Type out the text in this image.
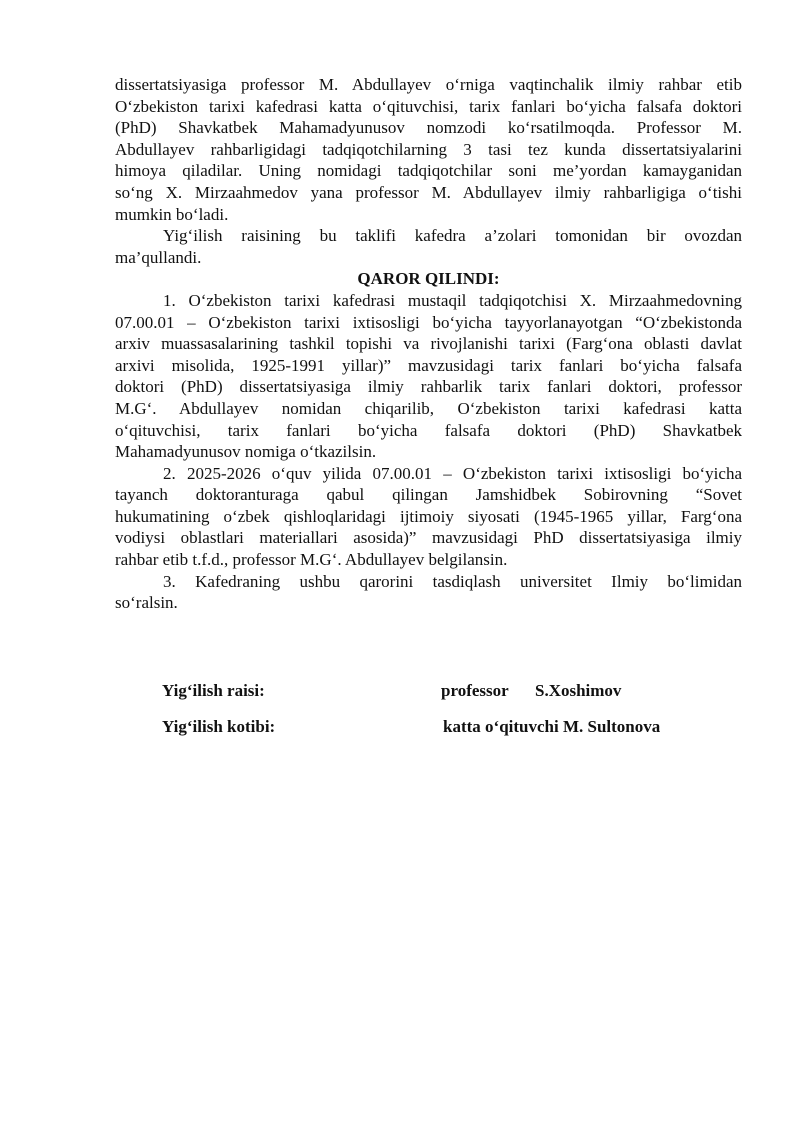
dissertatsiyasiga professor M. Abdullayev o‘rniga vaqtinchalik ilmiy rahbar etib
O‘zbekiston tarixi kafedrasi katta o‘qituvchisi, tarix fanlari bo‘yicha falsafa doktori
(PhD) Shavkatbek Mahamadyunusov nomzodi ko‘rsatilmoqda. Professor M.
Abdullayev rahbarligidagi tadqiqotchilarning 3 tasi tez kunda dissertatsiyalarini
himoya qiladilar. Uning nomidagi tadqiqotchilar soni me’yordan kamayganidan
so‘ng X. Mirzaahmedov yana professor M. Abdullayev ilmiy rahbarligiga o‘tishi
mumkin bo‘ladi.
Yig‘ilish raisining bu taklifi kafedra a’zolari tomonidan bir ovozdan
ma’qullandi.
QAROR QILINDI:
1. O‘zbekiston tarixi kafedrasi mustaqil tadqiqotchisi X. Mirzaahmedovning
07.00.01 – O‘zbekiston tarixi ixtisosligi bo‘yicha tayyorlanayotgan “O‘zbekistonda
arxiv muassasalarining tashkil topishi va rivojlanishi tarixi (Farg‘ona oblasti davlat
arxivi misolida, 1925-1991 yillar)” mavzusidagi tarix fanlari bo‘yicha falsafa
doktori (PhD) dissertatsiyasiga ilmiy rahbarlik tarix fanlari doktori, professor
M.G‘. Abdullayev nomidan chiqarilib, O‘zbekiston tarixi kafedrasi katta
o‘qituvchisi, tarix fanlari bo‘yicha falsafa doktori (PhD) Shavkatbek
Mahamadyunusov nomiga o‘tkazilsin.
2. 2025-2026 o‘quv yilida 07.00.01 – O‘zbekiston tarixi ixtisosligi bo‘yicha
tayanch doktoranturaga qabul qilingan Jamshidbek Sobirovning “Sovet
hukumatining o‘zbek qishloqlaridagi ijtimoiy siyosati (1945-1965 yillar, Farg‘ona
vodiysi oblastlari materiallari asosida)” mavzusidagi PhD dissertatsiyasiga ilmiy
rahbar etib t.f.d., professor M.G‘. Abdullayev belgilansin.
3. Kafedraning ushbu qarorini tasdiqlash universitet Ilmiy bo‘limidan
so‘ralsin.
Yig‘ilish raisi:	professor S.Xoshimov
Yig‘ilish kotibi:	katta o‘qituvchi M. Sultonova
